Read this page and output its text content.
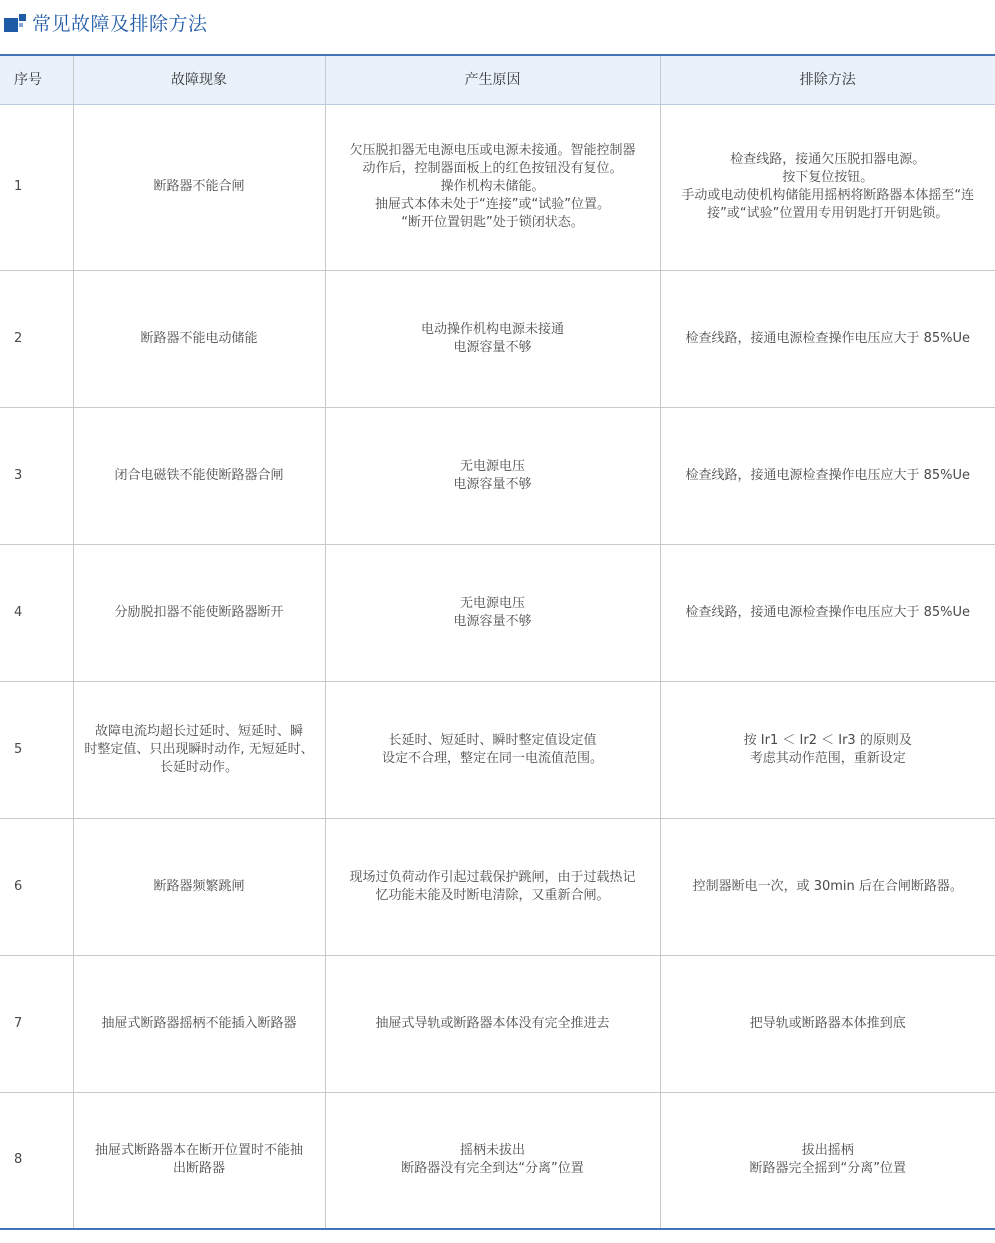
常见故障及排除方法
序号	故障现象	产生原因	排除方法
1	断路器不能合闸	欠压脱扣器无电源电压或电源未接通。智能控制器
动作后，控制器面板上的红色按钮没有复位。
操作机构未储能。
抽屉式本体未处于“连接”或“试验”位置。
“断开位置钥匙”处于锁闭状态。	检查线路，接通欠压脱扣器电源。
按下复位按钮。
手动或电动使机构储能用摇柄将断路器本体摇至“连
接”或“试验”位置用专用钥匙打开钥匙锁。

2	断路器不能电动储能	电动操作机构电源未接通
电源容量不够	检查线路，接通电源检查操作电压应大于 85%Ue

3	闭合电磁铁不能使断路器合闸	无电源电压
电源容量不够	检查线路，接通电源检查操作电压应大于 85%Ue

4	分励脱扣器不能使断路器断开	无电源电压
电源容量不够	检查线路，接通电源检查操作电压应大于 85%Ue

5	故障电流均超长过延时、短延时、瞬
时整定值、只出现瞬时动作, 无短延时、
长延时动作。	长延时、短延时、瞬时整定值设定值
设定不合理，整定在同一电流值范围。	按 Ir1 ＜ Ir2 ＜ Ir3 的原则及
考虑其动作范围，重新设定

6	断路器频繁跳闸	现场过负荷动作引起过载保护跳闸，由于过载热记
忆功能未能及时断电清除，又重新合闸。	控制器断电一次，或 30min 后在合闸断路器。

7	抽屉式断路器摇柄不能插入断路器	抽屉式导轨或断路器本体没有完全推进去	把导轨或断路器本体推到底

8	抽屉式断路器本在断开位置时不能抽
出断路器	摇柄未拔出
断路器没有完全到达“分离”位置	拔出摇柄
断路器完全摇到“分离”位置
